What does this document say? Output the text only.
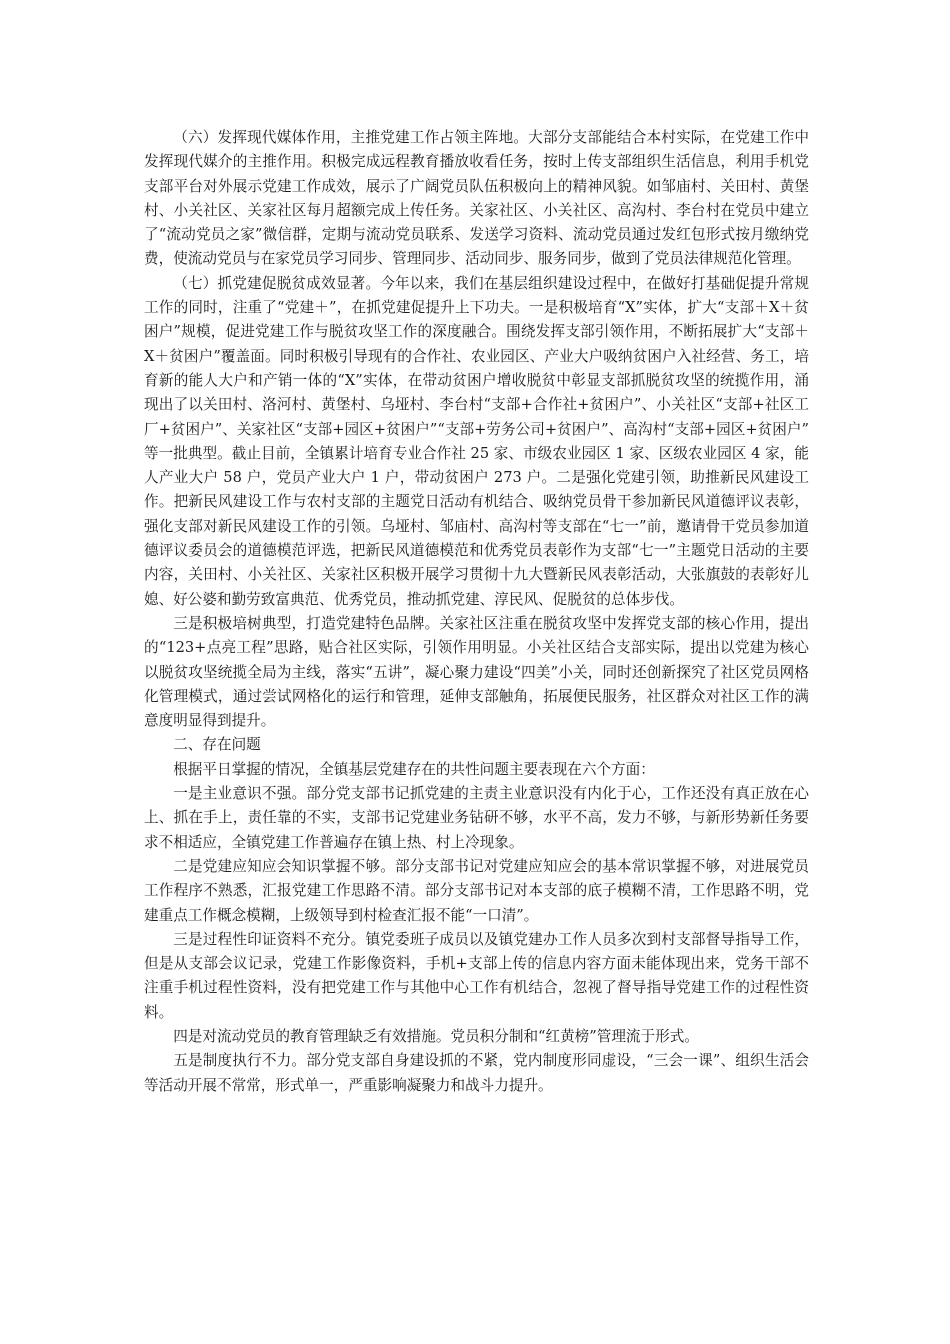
（六）发挥现代媒体作用，主推党建工作占领主阵地。大部分支部能结合本村实际，在党建工作中发挥现代媒介的主推作用。积极完成远程教育播放收看任务，按时上传支部组织生活信息，利用手机党支部平台对外展示党建工作成效，展示了广阔党员队伍积极向上的精神风貌。如邹庙村、关田村、黄堡村、小关社区、关家社区每月超额完成上传任务。关家社区、小关社区、高沟村、李台村在党员中建立了“流动党员之家”微信群，定期与流动党员联系、发送学习资料、流动党员通过发红包形式按月缴纳党费，使流动党员与在家党员学习同步、管理同步、活动同步、服务同步，做到了党员法律规范化管理。

（七）抓党建促脱贫成效显著。今年以来，我们在基层组织建设过程中，在做好打基础促提升常规工作的同时，注重了“党建＋”，在抓党建促提升上下功夫。一是积极培育“X”实体，扩大“支部＋X＋贫困户”规模，促进党建工作与脱贫攻坚工作的深度融合。围绕发挥支部引领作用，不断拓展扩大“支部＋X＋贫困户”覆盖面。同时积极引导现有的合作社、农业园区、产业大户吸纳贫困户入社经营、务工，培育新的能人大户和产销一体的“X”实体，在带动贫困户增收脱贫中彰显支部抓脱贫攻坚的统揽作用，涌现出了以关田村、洛河村、黄堡村、乌垭村、李台村“支部+合作社+贫困户”、小关社区“支部+社区工厂+贫困户”、关家社区“支部+园区+贫困户”“支部+劳务公司+贫困户”、高沟村“支部+园区+贫困户”等一批典型。截止目前，全镇累计培育专业合作社 25 家、市级农业园区 1 家、区级农业园区 4 家，能人产业大户 58 户，党员产业大户 1 户，带动贫困户 273 户。二是强化党建引领，助推新民风建设工作。把新民风建设工作与农村支部的主题党日活动有机结合、吸纳党员骨干参加新民风道德评议表彰，强化支部对新民风建设工作的引领。乌垭村、邹庙村、高沟村等支部在“七一”前，邀请骨干党员参加道德评议委员会的道德模范评选，把新民风道德模范和优秀党员表彰作为支部“七一”主题党日活动的主要内容，关田村、小关社区、关家社区积极开展学习贯彻十九大暨新民风表彰活动，大张旗鼓的表彰好儿媳、好公婆和勤劳致富典范、优秀党员，推动抓党建、淳民风、促脱贫的总体步伐。

三是积极培树典型，打造党建特色品牌。关家社区注重在脱贫攻坚中发挥党支部的核心作用，提出的“123+点亮工程”思路，贴合社区实际，引领作用明显。小关社区结合支部实际，提出以党建为核心以脱贫攻坚统揽全局为主线，落实“五讲”，凝心聚力建设“四美”小关，同时还创新探究了社区党员网格化管理模式，通过尝试网格化的运行和管理，延伸支部触角，拓展便民服务，社区群众对社区工作的满意度明显得到提升。

二、存在问题

根据平日掌握的情况，全镇基层党建存在的共性问题主要表现在六个方面：

一是主业意识不强。部分党支部书记抓党建的主责主业意识没有内化于心，工作还没有真正放在心上、抓在手上，责任靠的不实，支部书记党建业务钻研不够，水平不高，发力不够，与新形势新任务要求不相适应，全镇党建工作普遍存在镇上热、村上冷现象。

二是党建应知应会知识掌握不够。部分支部书记对党建应知应会的基本常识掌握不够，对进展党员工作程序不熟悉，汇报党建工作思路不清。部分支部书记对本支部的底子模糊不清，工作思路不明，党建重点工作概念模糊，上级领导到村检查汇报不能“一口清”。

三是过程性印证资料不充分。镇党委班子成员以及镇党建办工作人员多次到村支部督导指导工作，但是从支部会议记录，党建工作影像资料，手机+支部上传的信息内容方面未能体现出来，党务干部不注重手机过程性资料，没有把党建工作与其他中心工作有机结合，忽视了督导指导党建工作的过程性资料。

四是对流动党员的教育管理缺乏有效措施。党员积分制和“红黄榜”管理流于形式。

五是制度执行不力。部分党支部自身建设抓的不紧，党内制度形同虚设，“三会一课”、组织生活会等活动开展不常常，形式单一，严重影响凝聚力和战斗力提升。
